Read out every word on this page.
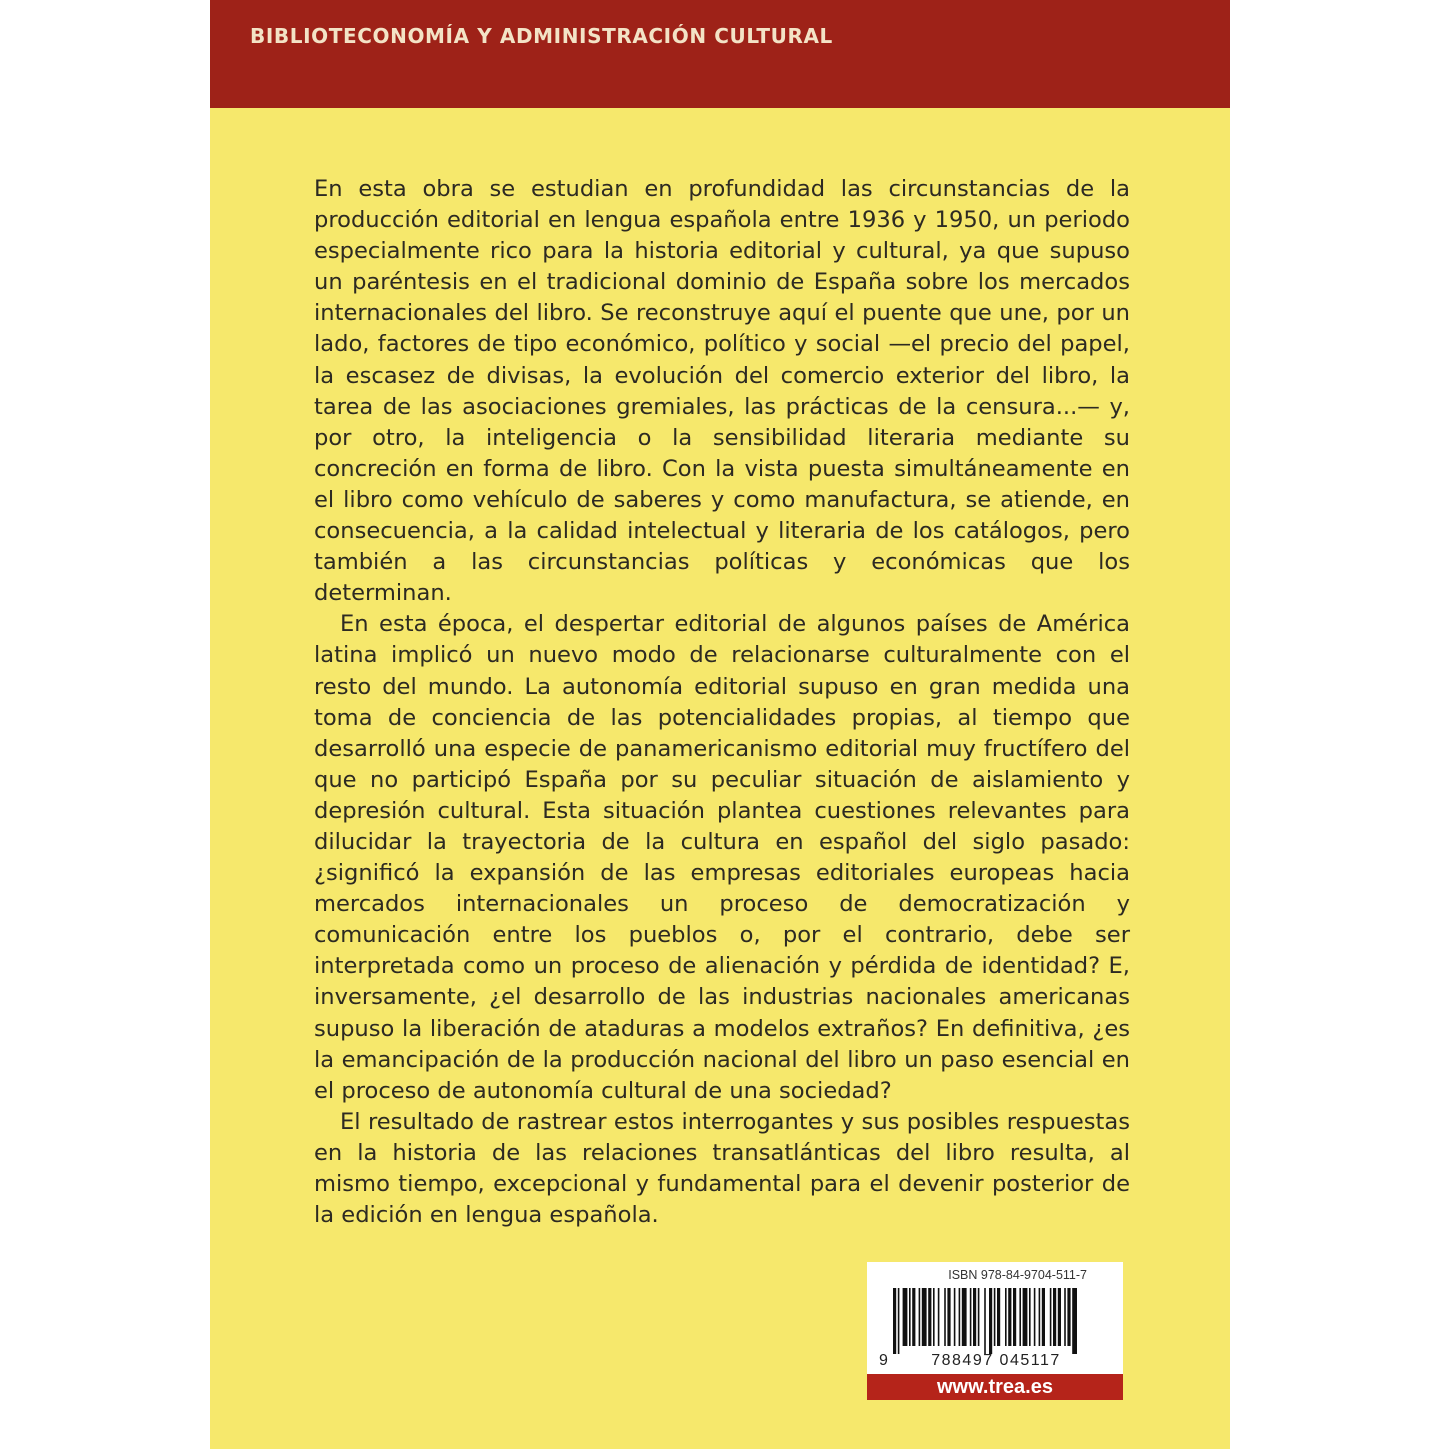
BIBLIOTECONOMÍA Y ADMINISTRACIÓN CULTURAL

En esta obra se estudian en profundidad las circunstancias de la producción editorial en lengua española entre 1936 y 1950, un periodo especialmente rico para la historia editorial y cultural, ya que supuso un paréntesis en el tradicional dominio de España sobre los mercados internacionales del libro. Se reconstruye aquí el puente que une, por un lado, factores de tipo económico, político y social —el precio del papel, la escasez de divisas, la evolución del comercio exterior del libro, la tarea de las asociaciones gremiales, las prácticas de la censura...— y, por otro, la inteligencia o la sensibilidad literaria mediante su concreción en forma de libro. Con la vista puesta simultáneamente en el libro como vehículo de saberes y como manufactura, se atiende, en consecuencia, a la calidad intelectual y literaria de los catálogos, pero también a las circunstancias políticas y económicas que los determinan.

En esta época, el despertar editorial de algunos países de América latina implicó un nuevo modo de relacionarse culturalmente con el resto del mundo. La autonomía editorial supuso en gran medida una toma de conciencia de las potencialidades propias, al tiempo que desarrolló una especie de panamericanismo editorial muy fructífero del que no participó España por su peculiar situación de aislamiento y depresión cultural. Esta situación plantea cuestiones relevantes para dilucidar la trayectoria de la cultura en español del siglo pasado: ¿significó la expansión de las empresas editoriales europeas hacia mercados internacionales un proceso de democratización y comunicación entre los pueblos o, por el contrario, debe ser interpretada como un proceso de alienación y pérdida de identidad? E, inversamente, ¿el desarrollo de las industrias nacionales americanas supuso la liberación de ataduras a modelos extraños? En definitiva, ¿es la emancipación de la producción nacional del libro un paso esencial en el proceso de autonomía cultural de una sociedad?

El resultado de rastrear estos interrogantes y sus posibles respuestas en la historia de las relaciones transatlánticas del libro resulta, al mismo tiempo, excepcional y fundamental para el devenir posterior de la edición en lengua española.

ISBN 978-84-9704-511-7
9	788497 045117
www.trea.es
